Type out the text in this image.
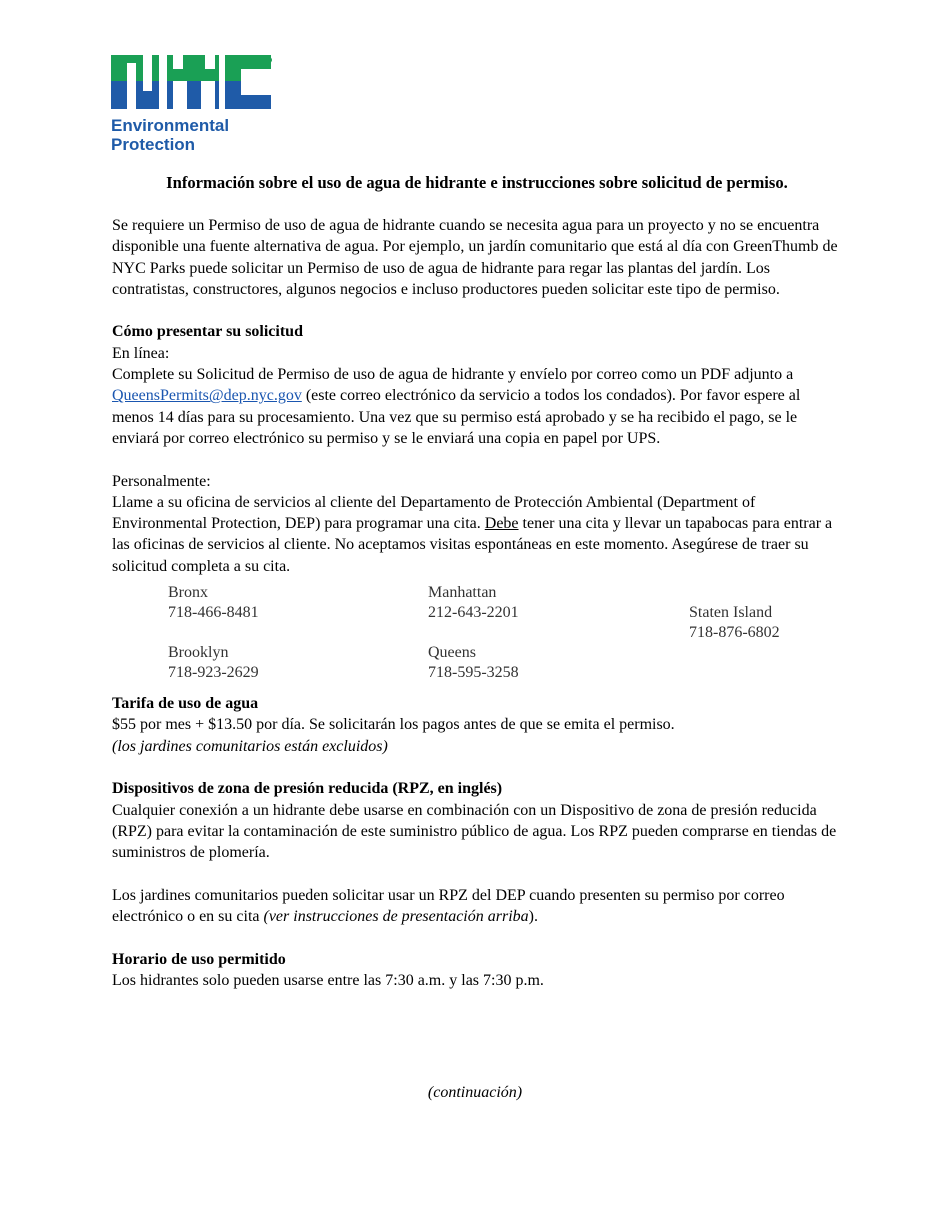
Environmental
Protection
Información sobre el uso de agua de hidrante e instrucciones sobre solicitud de permiso.

Se requiere un Permiso de uso de agua de hidrante cuando se necesita agua para un proyecto y no se encuentra disponible una fuente alternativa de agua. Por ejemplo, un jardín comunitario que está al día con GreenThumb de NYC Parks puede solicitar un Permiso de uso de agua de hidrante para regar las plantas del jardín. Los contratistas, constructores, algunos negocios e incluso productores pueden solicitar este tipo de permiso.

Cómo presentar su solicitud

En línea:

Complete su Solicitud de Permiso de uso de agua de hidrante y envíelo por correo como un PDF adjunto a QueensPermits@dep.nyc.gov (este correo electrónico da servicio a todos los condados). Por favor espere al menos 14 días para su procesamiento. Una vez que su permiso está aprobado y se ha recibido el pago, se le enviará por correo electrónico su permiso y se le enviará una copia en papel por UPS.

Personalmente:

Llame a su oficina de servicios al cliente del Departamento de Protección Ambiental (Department of Environmental Protection, DEP) para programar una cita. Debe tener una cita y llevar un tapabocas para entrar a las oficinas de servicios al cliente. No aceptamos visitas espontáneas en este momento. Asegúrese de traer su solicitud completa a su cita.

Bronx
718-466-8481
Manhattan
212-643-2201	Staten Island
718-876-6802
Brooklyn
718-923-2629
Queens
718-595-3258

Tarifa de uso de agua

$55 por mes + $13.50 por día. Se solicitarán los pagos antes de que se emita el permiso.

(los jardines comunitarios están excluidos)

Dispositivos de zona de presión reducida (RPZ, en inglés)

Cualquier conexión a un hidrante debe usarse en combinación con un Dispositivo de zona de presión reducida (RPZ) para evitar la contaminación de este suministro público de agua. Los RPZ pueden comprarse en tiendas de suministros de plomería.

Los jardines comunitarios pueden solicitar usar un RPZ del DEP cuando presenten su permiso por correo electrónico o en su cita (ver instrucciones de presentación arriba).

Horario de uso permitido

Los hidrantes solo pueden usarse entre las 7:30 a.m. y las 7:30 p.m.

(continuación)
